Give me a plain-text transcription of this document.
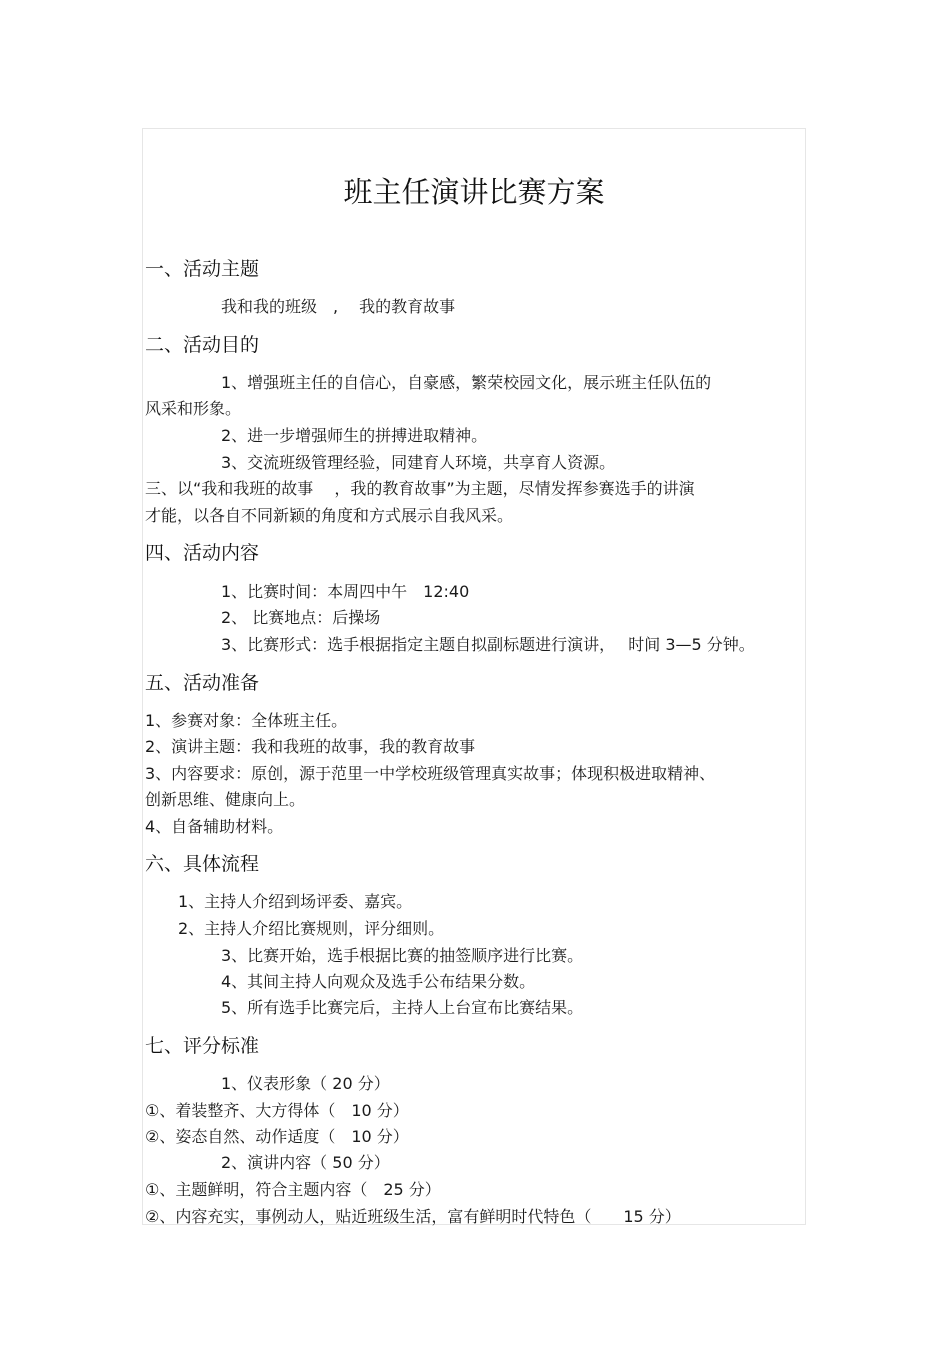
班主任演讲比赛方案
一、活动主题
我和我的班级　,　 我的教育故事
二、活动目的
1、增强班主任的自信心，自豪感，繁荣校园文化，展示班主任队伍的
风采和形象。
2、进一步增强师生的拼搏进取精神。
3、交流班级管理经验，同建育人环境，共享育人资源。
三、以“我和我班的故事　 ，我的教育故事”为主题，尽情发挥参赛选手的讲演
才能，以各自不同新颖的角度和方式展示自我风采。
四、活动内容
1、比赛时间：本周四中午　12:40
2、 比赛地点：后操场
3、比赛形式：选手根据指定主题自拟副标题进行演讲，　 时间 3—5 分钟。
五、活动准备
1、参赛对象：全体班主任。
2、演讲主题：我和我班的故事，我的教育故事
3、内容要求：原创，源于范里一中学校班级管理真实故事；体现积极进取精神、
创新思维、健康向上。
4、自备辅助材料。
六、具体流程
1、主持人介绍到场评委、嘉宾。
2、主持人介绍比赛规则，评分细则。
3、比赛开始，选手根据比赛的抽签顺序进行比赛。
4、其间主持人向观众及选手公布结果分数。
5、所有选手比赛完后，主持人上台宣布比赛结果。
七、评分标准
1、仪表形象（ 20 分）
①、着装整齐、大方得体（　10 分）
②、姿态自然、动作适度（　10 分）
2、演讲内容（ 50 分）
①、主题鲜明，符合主题内容（　25 分）
②、内容充实，事例动人，贴近班级生活，富有鲜明时代特色（　　15 分）
